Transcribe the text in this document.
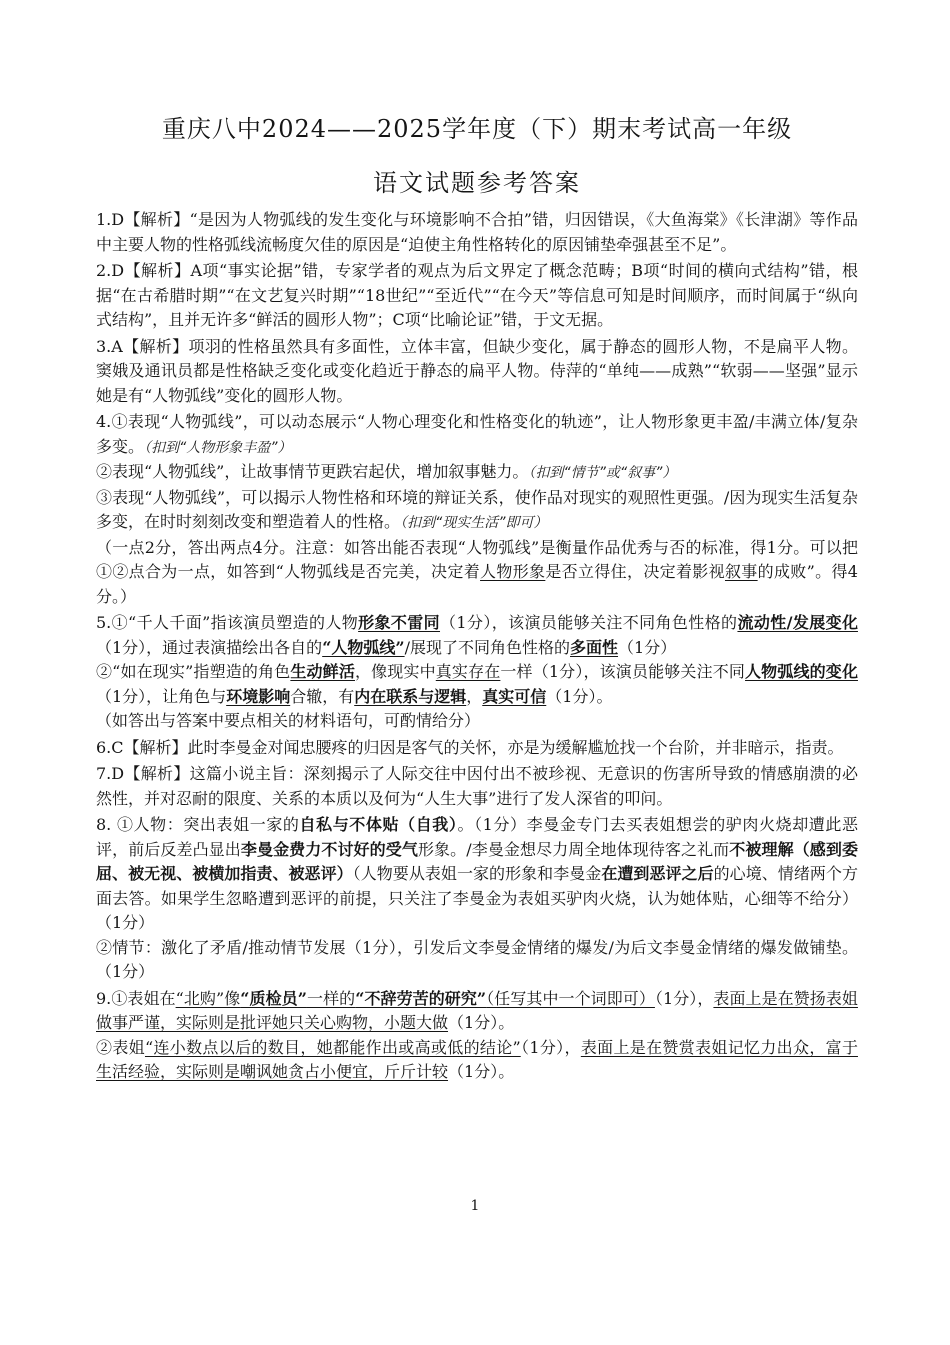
重庆八中2024——2025学年度（下）期末考试高一年级
语文试题参考答案

1.D【解析】“是因为人物弧线的发生变化与环境影响不合拍”错，归因错误，《大鱼海棠》《长津湖》等作品中主要人物的性格弧线流畅度欠佳的原因是“迫使主角性格转化的原因铺垫牵强甚至不足”。

2.D【解析】A项“事实论据”错，专家学者的观点为后文界定了概念范畴；B项“时间的横向式结构”错，根据“在古希腊时期”“在文艺复兴时期”“18世纪”“至近代”“在今天”等信息可知是时间顺序，而时间属于“纵向式结构”，且并无许多“鲜活的圆形人物”；C项“比喻论证”错，于文无据。

3.A【解析】项羽的性格虽然具有多面性，立体丰富，但缺少变化，属于静态的圆形人物，不是扁平人物。窦娥及通讯员都是性格缺乏变化或变化趋近于静态的扁平人物。侍萍的“单纯——成熟”“软弱——坚强”显示她是有“人物弧线”变化的圆形人物。

4.①表现“人物弧线”，可以动态展示“人物心理变化和性格变化的轨迹”，让人物形象更丰盈/丰满立体/复杂多变。（扣到“人物形象丰盈”）

②表现“人物弧线”，让故事情节更跌宕起伏，增加叙事魅力。（扣到“情节”或“叙事”）

③表现“人物弧线”，可以揭示人物性格和环境的辩证关系，使作品对现实的观照性更强。/因为现实生活复杂多变，在时时刻刻改变和塑造着人的性格。（扣到“现实生活”即可）

（一点2分，答出两点4分。注意：如答出能否表现“人物弧线”是衡量作品优秀与否的标准，得1分。可以把①②点合为一点，如答到“人物弧线是否完美，决定着人物形象是否立得住，决定着影视叙事的成败”。得4分。）

5.①“千人千面”指该演员塑造的人物形象不雷同（1分），该演员能够关注不同角色性格的流动性/发展变化（1分），通过表演描绘出各自的“人物弧线”/展现了不同角色性格的多面性（1分）

②“如在现实”指塑造的角色生动鲜活，像现实中真实存在一样（1分），该演员能够关注不同人物弧线的变化（1分），让角色与环境影响合辙，有内在联系与逻辑，真实可信（1分）。

（如答出与答案中要点相关的材料语句，可酌情给分）

6.C【解析】此时李曼金对闻忠腰疼的归因是客气的关怀，亦是为缓解尴尬找一个台阶，并非暗示，指责。

7.D【解析】这篇小说主旨：深刻揭示了人际交往中因付出不被珍视、无意识的伤害所导致的情感崩溃的必然性，并对忍耐的限度、关系的本质以及何为“人生大事”进行了发人深省的叩问。

8. ①人物：突出表姐一家的自私与不体贴（自我）。（1分）李曼金专门去买表姐想尝的驴肉火烧却遭此恶评，前后反差凸显出李曼金费力不讨好的受气形象。/李曼金想尽力周全地体现待客之礼而不被理解（感到委屈、被无视、被横加指责、被恶评）（人物要从表姐一家的形象和李曼金在遭到恶评之后的心境、情绪两个方面去答。如果学生忽略遭到恶评的前提，只关注了李曼金为表姐买驴肉火烧，认为她体贴，心细等不给分）（1分）

②情节：激化了矛盾/推动情节发展（1分），引发后文李曼金情绪的爆发/为后文李曼金情绪的爆发做铺垫。（1分）

9.①表姐在“北购”像“质检员”一样的“不辞劳苦的研究”（任写其中一个词即可）（1分），表面上是在赞扬表姐做事严谨，实际则是批评她只关心购物，小题大做（1分）。

②表姐“连小数点以后的数目，她都能作出或高或低的结论”（1分），表面上是在赞赏表姐记忆力出众，富于生活经验，实际则是嘲讽她贪占小便宜，斤斤计较（1分）。

1
